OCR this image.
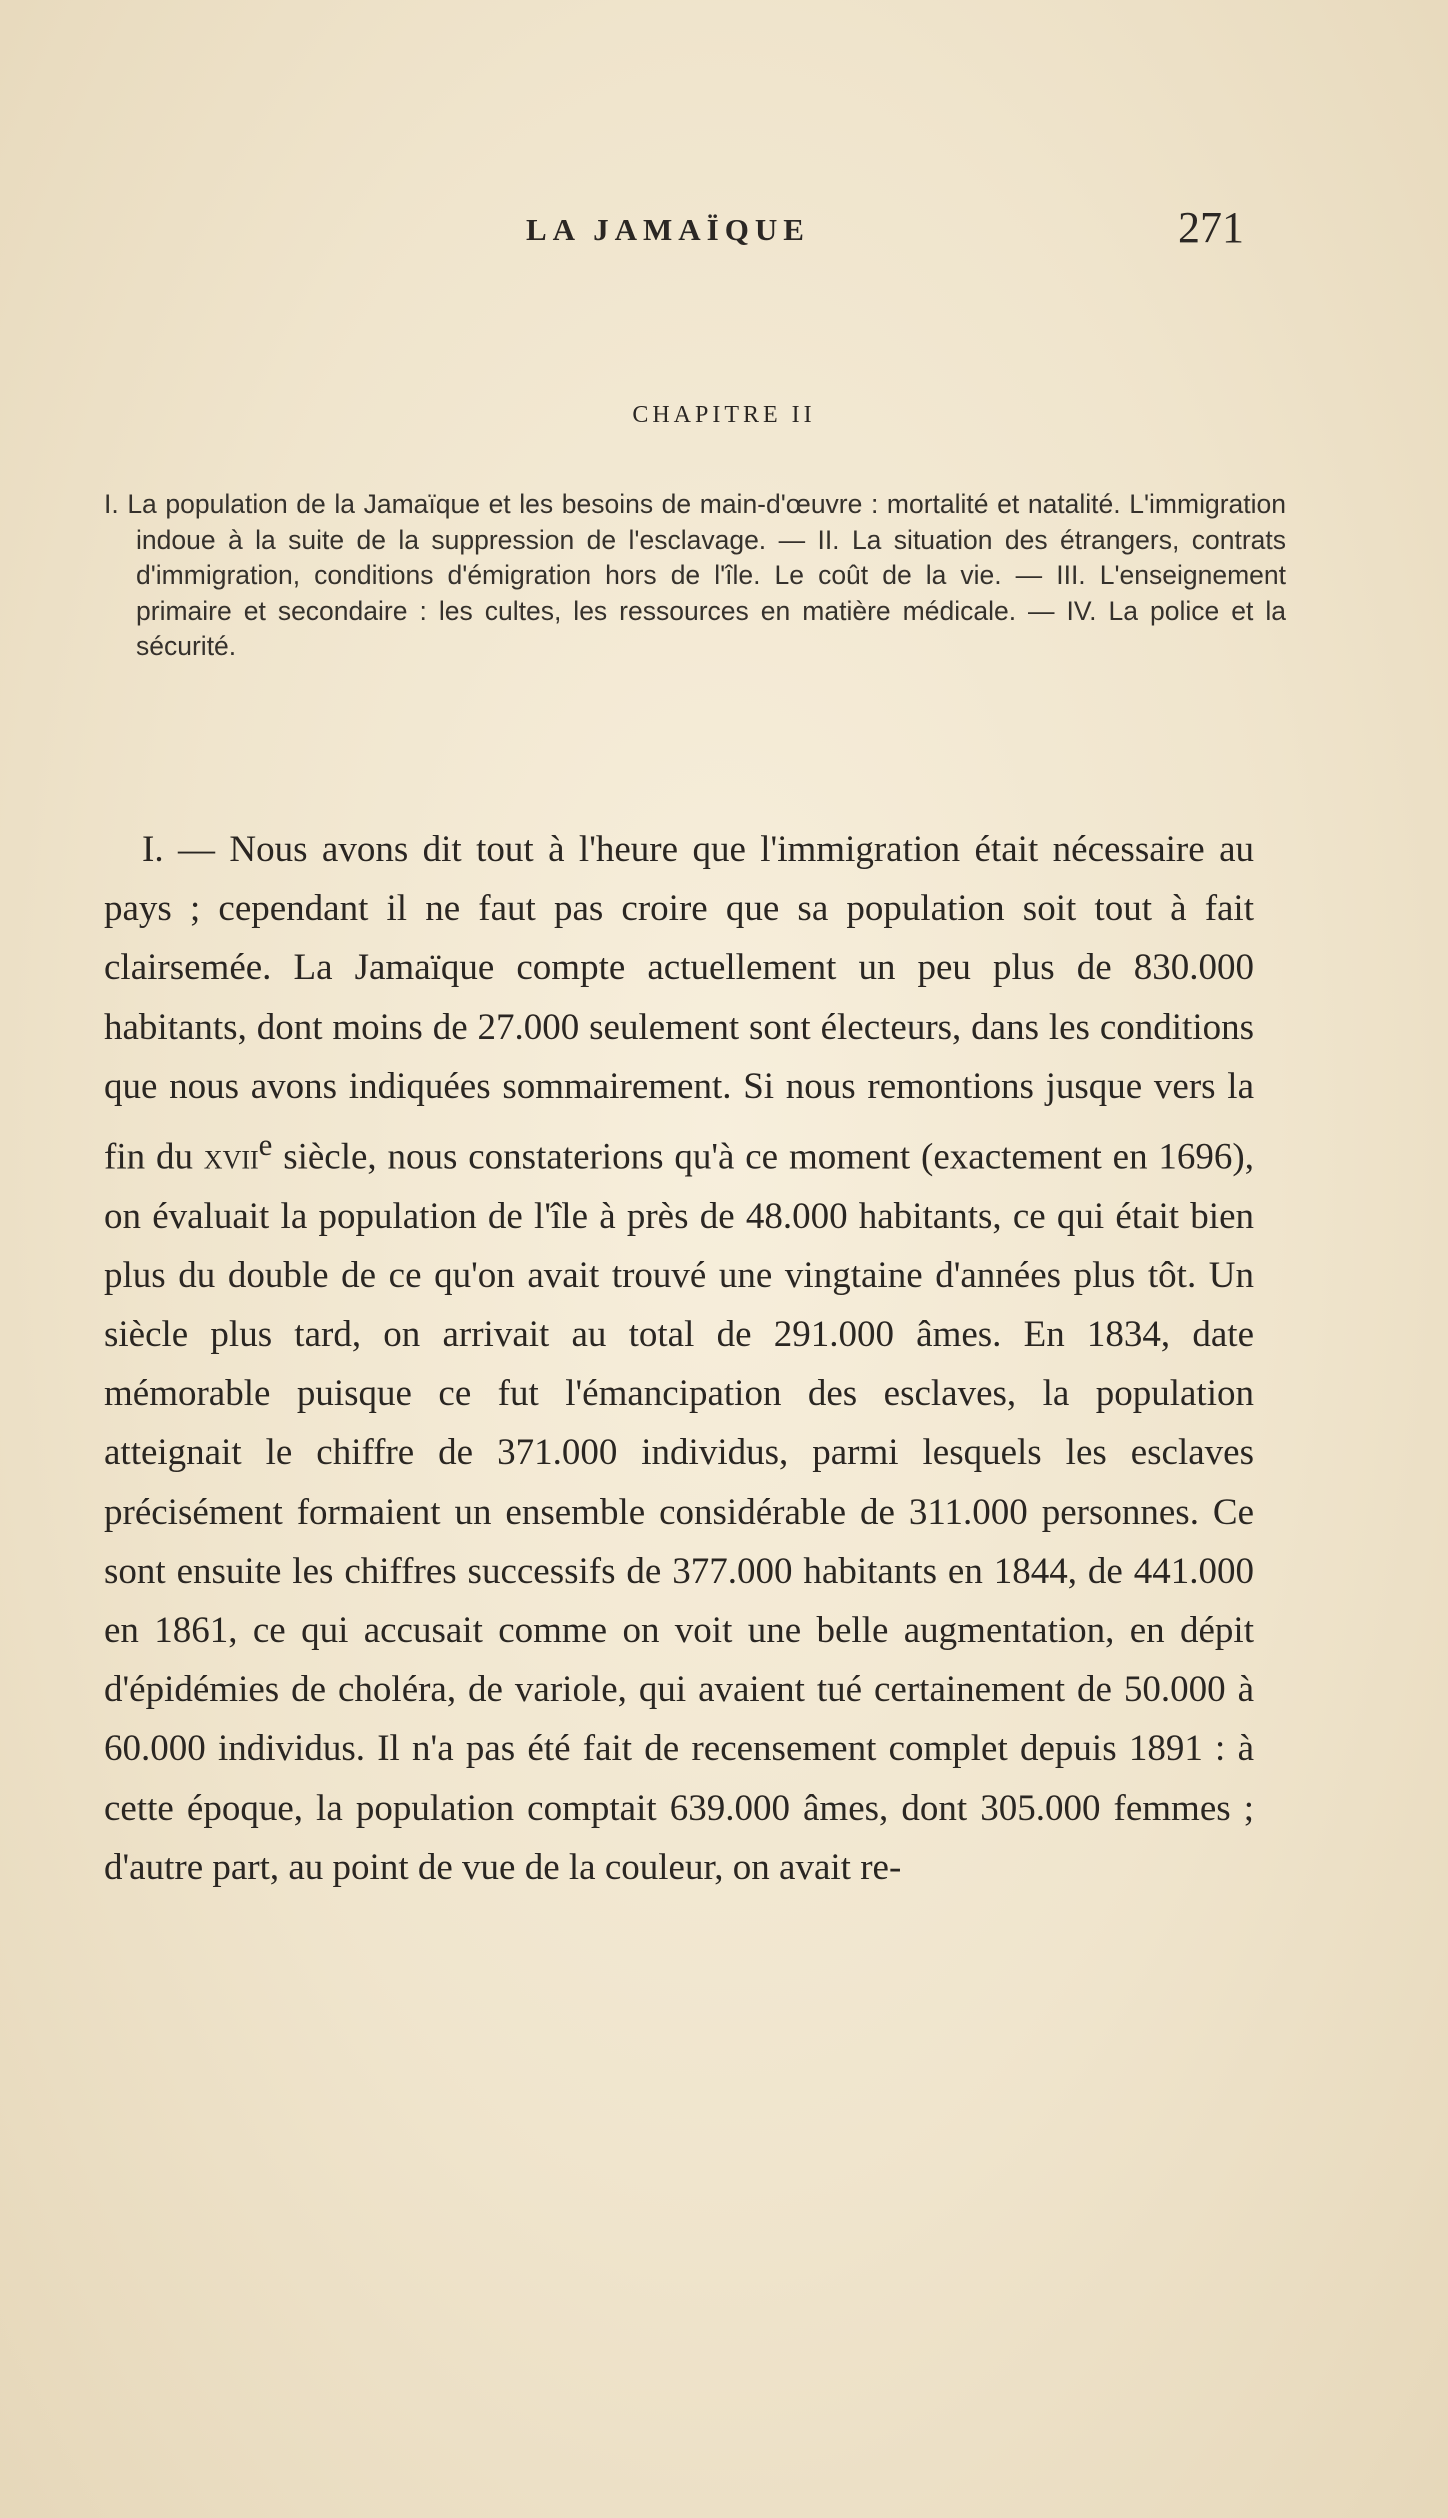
LA JAMAÏQUE	271
CHAPITRE II
I. La population de la Jamaïque et les besoins de main-d'œuvre : mortalité et natalité. L'immigration indoue à la suite de la suppression de l'esclavage. — II. La situation des étrangers, contrats d'immigration, conditions d'émigration hors de l'île. Le coût de la vie. — III. L'enseignement primaire et secondaire : les cultes, les ressources en matière médicale. — IV. La police et la sécurité.
I. — Nous avons dit tout à l'heure que l'immigration était nécessaire au pays ; cependant il ne faut pas croire que sa population soit tout à fait clairsemée. La Jamaïque compte actuellement un peu plus de 830.000 habitants, dont moins de 27.000 seulement sont électeurs, dans les conditions que nous avons indiquées sommairement. Si nous remontions jusque vers la fin du xvii$^e$ siècle, nous constaterions qu'à ce moment (exactement en 1696), on évaluait la population de l'île à près de 48.000 habitants, ce qui était bien plus du double de ce qu'on avait trouvé une vingtaine d'années plus tôt. Un siècle plus tard, on arrivait au total de 291.000 âmes. En 1834, date mémorable puisque ce fut l'émancipation des esclaves, la population atteignait le chiffre de 371.000 individus, parmi lesquels les esclaves précisément formaient un ensemble considérable de 311.000 personnes. Ce sont ensuite les chiffres successifs de 377.000 habitants en 1844, de 441.000 en 1861, ce qui accusait comme on voit une belle augmentation, en dépit d'épidémies de choléra, de variole, qui avaient tué certainement de 50.000 à 60.000 individus. Il n'a pas été fait de recensement complet depuis 1891 : à cette époque, la population comptait 639.000 âmes, dont 305.000 femmes ; d'autre part, au point de vue de la couleur, on avait re-
